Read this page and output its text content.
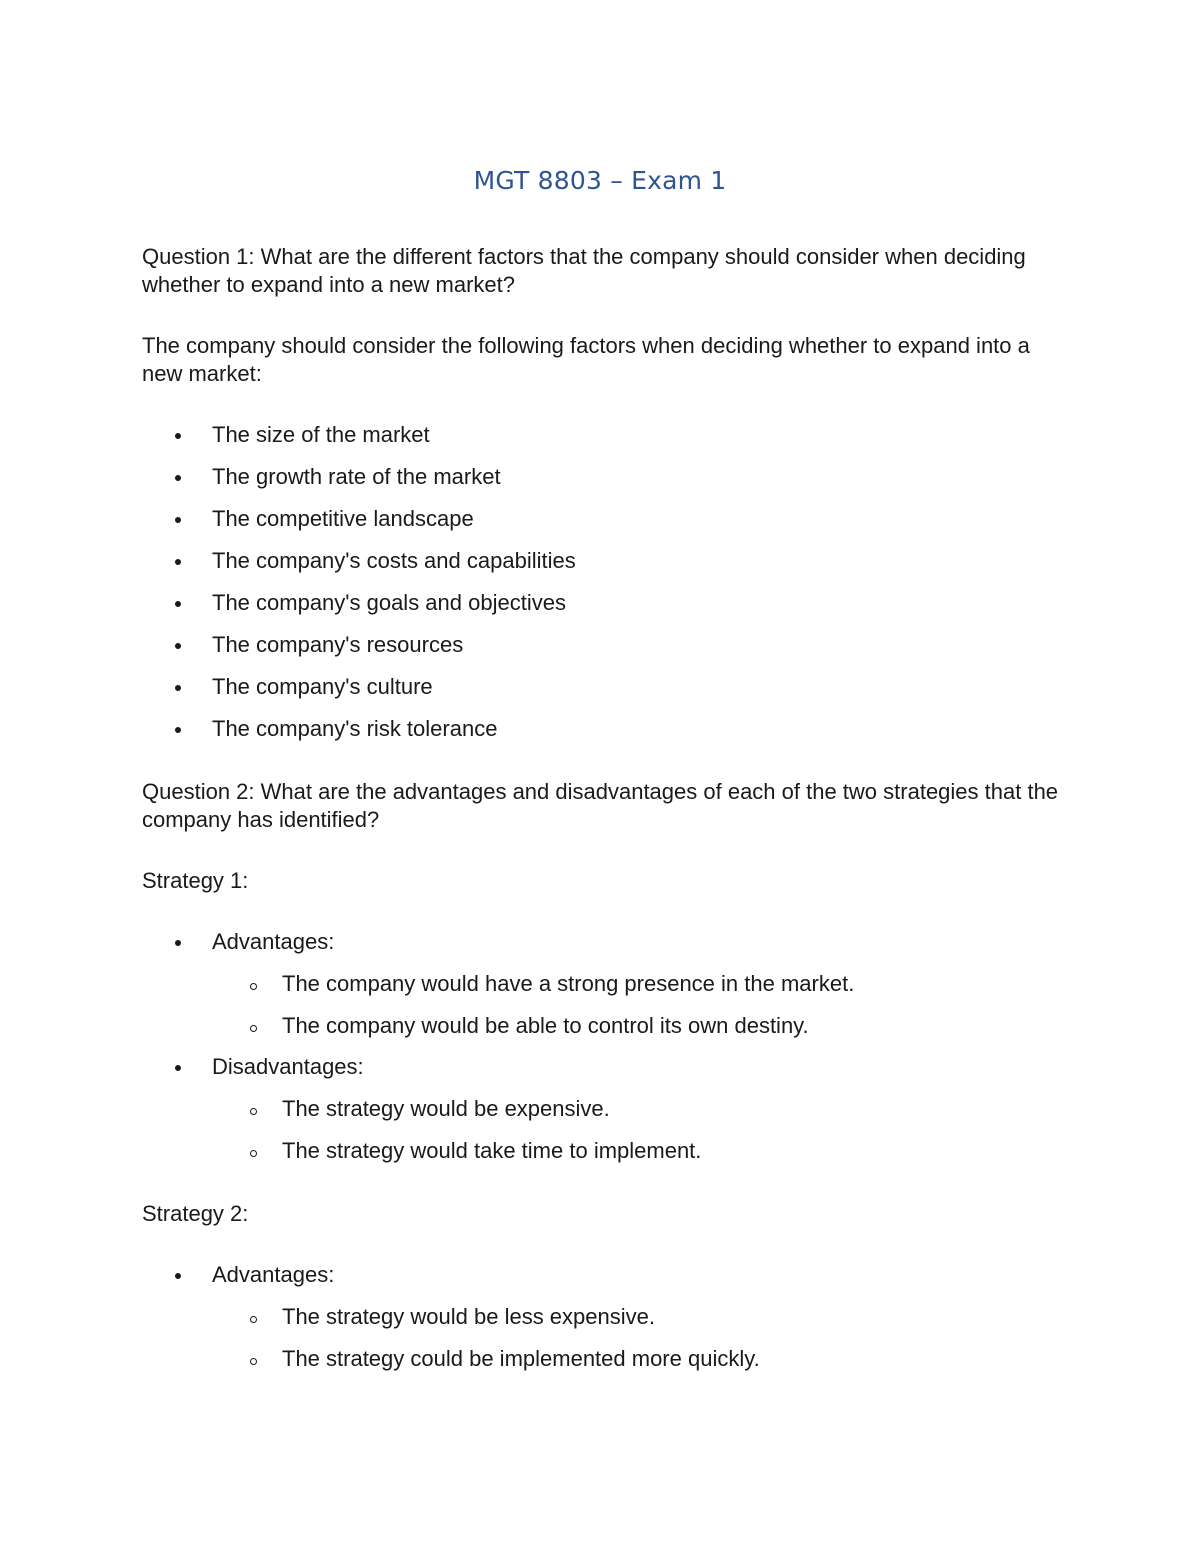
MGT 8803 – Exam 1

Question 1: What are the different factors that the company should consider when deciding whether to expand into a new market?

The company should consider the following factors when deciding whether to expand into a new market:

The size of the market
The growth rate of the market
The competitive landscape
The company's costs and capabilities
The company's goals and objectives
The company's resources
The company's culture
The company's risk tolerance

Question 2: What are the advantages and disadvantages of each of the two strategies that the company has identified?

Strategy 1:

Advantages:
The company would have a strong presence in the market.
The company would be able to control its own destiny.
Disadvantages:
The strategy would be expensive.
The strategy would take time to implement.

Strategy 2:

Advantages:
The strategy would be less expensive.
The strategy could be implemented more quickly.
